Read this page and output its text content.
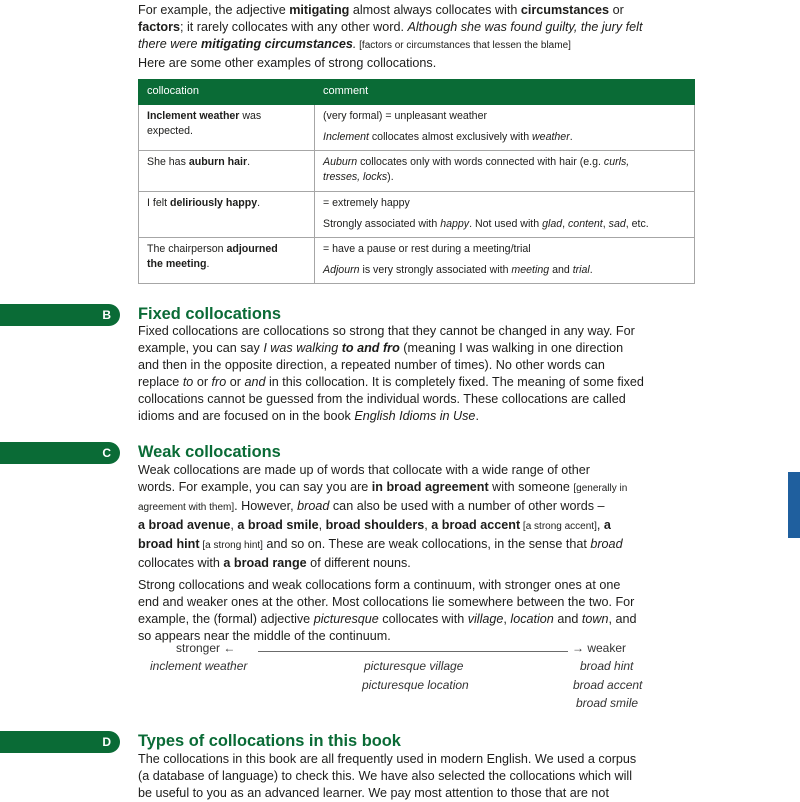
For example, the adjective mitigating almost always collocates with circumstances or

factors; it rarely collocates with any other word. Although she was found guilty, the jury felt

there were mitigating circumstances. [factors or circumstances that lessen the blame]

Here are some other examples of strong collocations.

collocation	comment
Inclement weather was expected.	(very formal) = unpleasant weather
Inclement collocates almost exclusively with weather.

She has auburn hair.	Auburn collocates only with words connected with hair (e.g. curls,
tresses, locks).
I felt deliriously happy.	= extremely happy
Strongly associated with happy. Not used with glad, content, sad, etc.

The chairperson adjourned
the meeting.	= have a pause or rest during a meeting/trial
Adjourn is very strongly associated with meeting and trial.
B Fixed collocations

Fixed collocations are collocations so strong that they cannot be changed in any way. For

example, you can say I was walking to and fro (meaning I was walking in one direction

and then in the opposite direction, a repeated number of times). No other words can

replace to or fro or and in this collocation. It is completely fixed. The meaning of some fixed

collocations cannot be guessed from the individual words. These collocations are called

idioms and are focused on in the book English Idioms in Use.

C Weak collocations

Weak collocations are made up of words that collocate with a wide range of other

words. For example, you can say you are in broad agreement with someone [generally in

agreement with them]. However, broad can also be used with a number of other words –

a broad avenue, a broad smile, broad shoulders, a broad accent [a strong accent], a

broad hint [a strong hint] and so on. These are weak collocations, in the sense that broad

collocates with a broad range of different nouns.

Strong collocations and weak collocations form a continuum, with stronger ones at one

end and weaker ones at the other. Most collocations lie somewhere between the two. For

example, the (formal) adjective picturesque collocates with village, location and town, and

so appears near the middle of the continuum.

stronger ←	→ weaker
inclement weather	picturesque village
picturesque location
broad hint
broad accent
broad smile
D Types of collocations in this book

The collocations in this book are all frequently used in modern English. We used a corpus

(a database of language) to check this. We have also selected the collocations which will

be useful to you as an advanced learner. We pay most attention to those that are not
